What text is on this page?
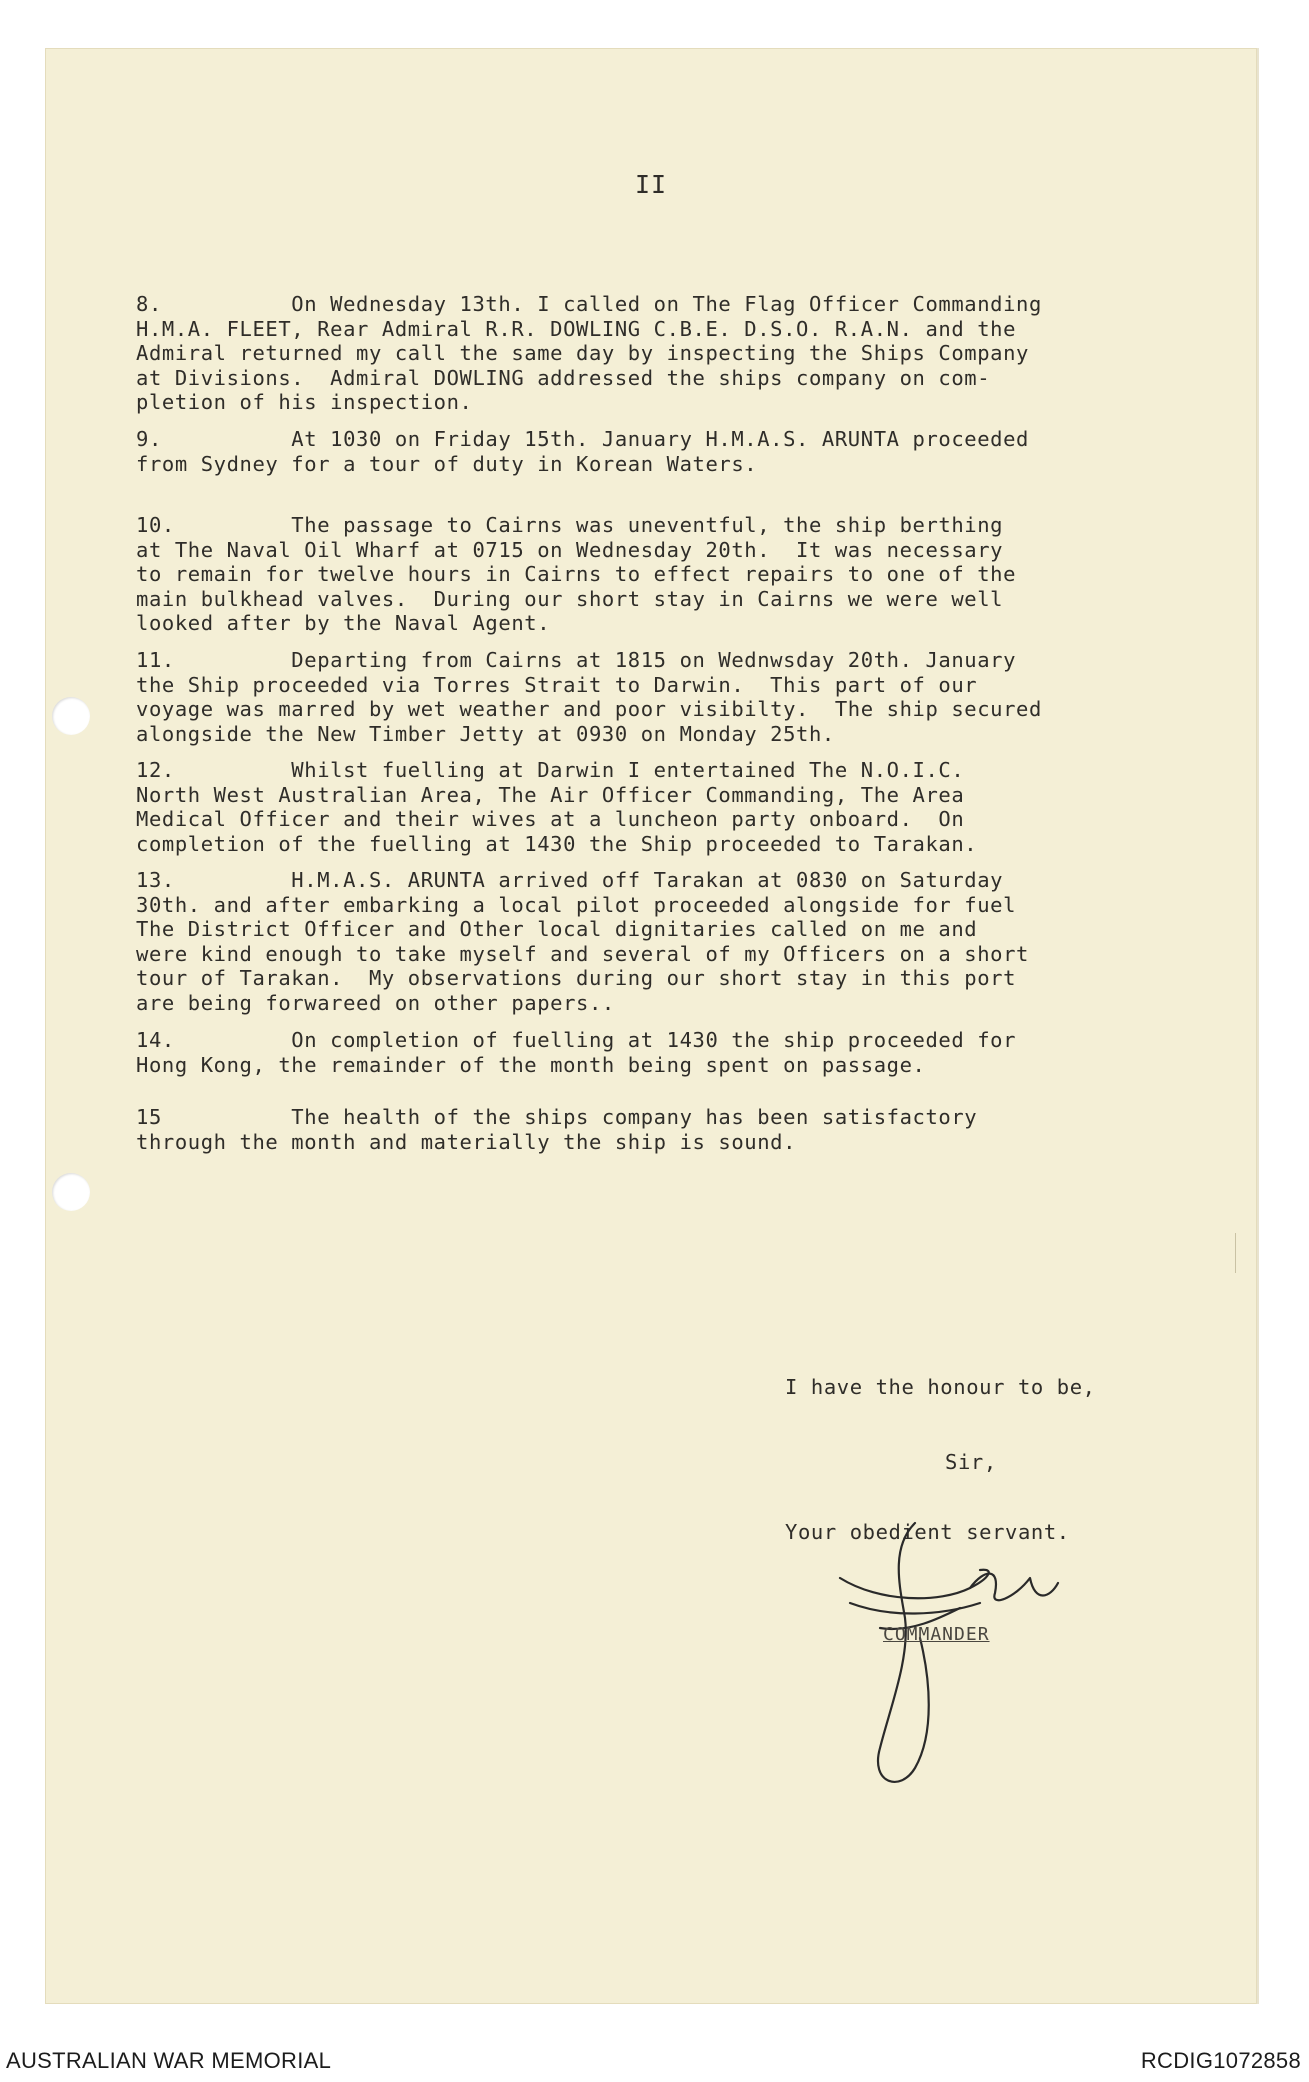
II

8.          On Wednesday 13th. I called on The Flag Officer Commanding
H.M.A. FLEET, Rear Admiral R.R. DOWLING C.B.E. D.S.O. R.A.N. and the
Admiral returned my call the same day by inspecting the Ships Company
at Divisions.  Admiral DOWLING addressed the ships company on com-
pletion of his inspection.

9.          At 1030 on Friday 15th. January H.M.A.S. ARUNTA proceeded
from Sydney for a tour of duty in Korean Waters.

10.         The passage to Cairns was uneventful, the ship berthing
at The Naval Oil Wharf at 0715 on Wednesday 20th.  It was necessary
to remain for twelve hours in Cairns to effect repairs to one of the
main bulkhead valves.  During our short stay in Cairns we were well
looked after by the Naval Agent.

11.         Departing from Cairns at 1815 on Wednwsday 20th. January
the Ship proceeded via Torres Strait to Darwin.  This part of our
voyage was marred by wet weather and poor visibilty.  The ship secured
alongside the New Timber Jetty at 0930 on Monday 25th.

12.         Whilst fuelling at Darwin I entertained The N.O.I.C.
North West Australian Area, The Air Officer Commanding, The Area
Medical Officer and their wives at a luncheon party onboard.  On
completion of the fuelling at 1430 the Ship proceeded to Tarakan.

13.         H.M.A.S. ARUNTA arrived off Tarakan at 0830 on Saturday
30th. and after embarking a local pilot proceeded alongside for fuel
The District Officer and Other local dignitaries called on me and
were kind enough to take myself and several of my Officers on a short
tour of Tarakan.  My observations during our short stay in this port
are being forwareed on other papers..

14.         On completion of fuelling at 1430 the ship proceeded for
Hong Kong, the remainder of the month being spent on passage.

15          The health of the ships company has been satisfactory
through the month and materially the ship is sound.

I have the honour to be,
Sir,
Your obedient servant.
COMMANDER
AUSTRALIAN WAR MEMORIAL	RCDIG1072858
